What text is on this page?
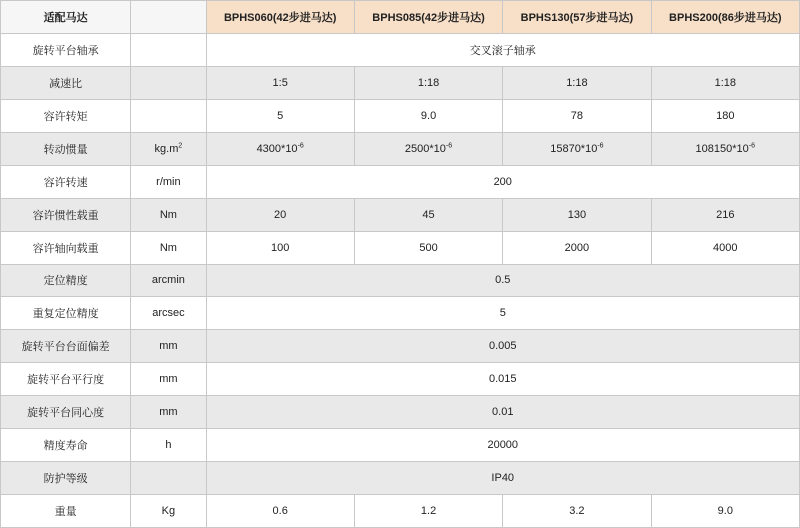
适配马达		BPHS060(42步进马达)	BPHS085(42步进马达)	BPHS130(57步进马达)	BPHS200(86步进马达)
旋转平台轴承		交叉滚子轴承			
减速比		1:5	1:18	1:18	1:18
容许转矩		5	9.0	78	180
转动惯量	$kg.m^2$	$4300*10^{-6}$	$2500*10^{-6}$	$15870*10^{-6}$	$108150*10^{-6}$
容许转速	r/min	200			
容许惯性载重	Nm	20	45	130	216
容许轴向载重	Nm	100	500	2000	4000
定位精度	arcmin	0.5			
重复定位精度	arcsec	5			
旋转平台台面偏差	mm	0.005			
旋转平台平行度	mm	0.015			
旋转平台同心度	mm	0.01			
精度寿命	h	20000			
防护等级		IP40			
重量	Kg	0.6	1.2	3.2	9.0
